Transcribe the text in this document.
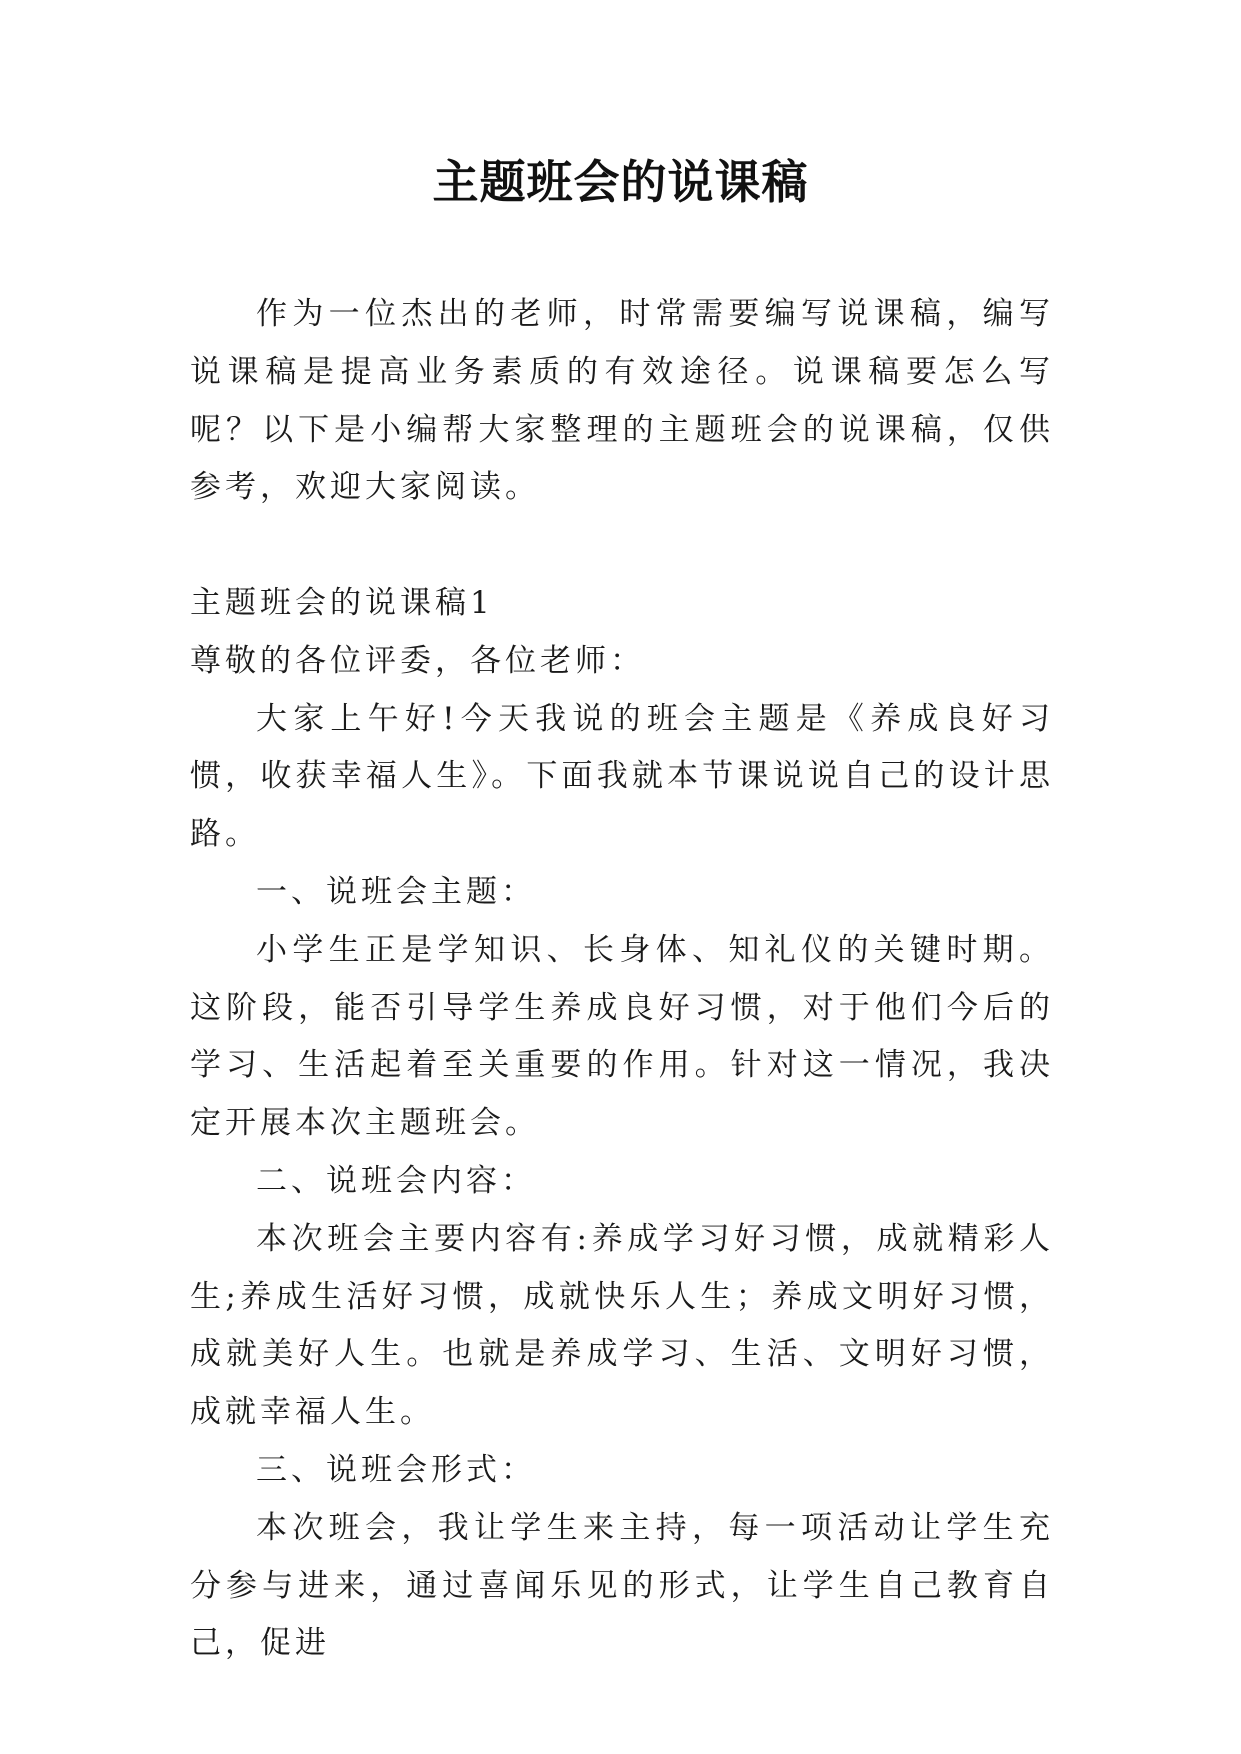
主题班会的说课稿

作为一位杰出的老师，时常需要编写说课稿，编写说课稿是提高业务素质的有效途径。说课稿要怎么写呢？以下是小编帮大家整理的主题班会的说课稿，仅供参考，欢迎大家阅读。

主题班会的说课稿1

尊敬的各位评委，各位老师：

大家上午好!今天我说的班会主题是《养成良好习惯，收获幸福人生》。下面我就本节课说说自己的设计思路。

一、说班会主题：

小学生正是学知识、长身体、知礼仪的关键时期。这阶段，能否引导学生养成良好习惯，对于他们今后的学习、生活起着至关重要的作用。针对这一情况，我决定开展本次主题班会。

二、说班会内容：

本次班会主要内容有:养成学习好习惯，成就精彩人生;养成生活好习惯，成就快乐人生；养成文明好习惯，成就美好人生。也就是养成学习、生活、文明好习惯，成就幸福人生。

三、说班会形式：

本次班会，我让学生来主持，每一项活动让学生充分参与进来，通过喜闻乐见的形式，让学生自己教育自己，促进
